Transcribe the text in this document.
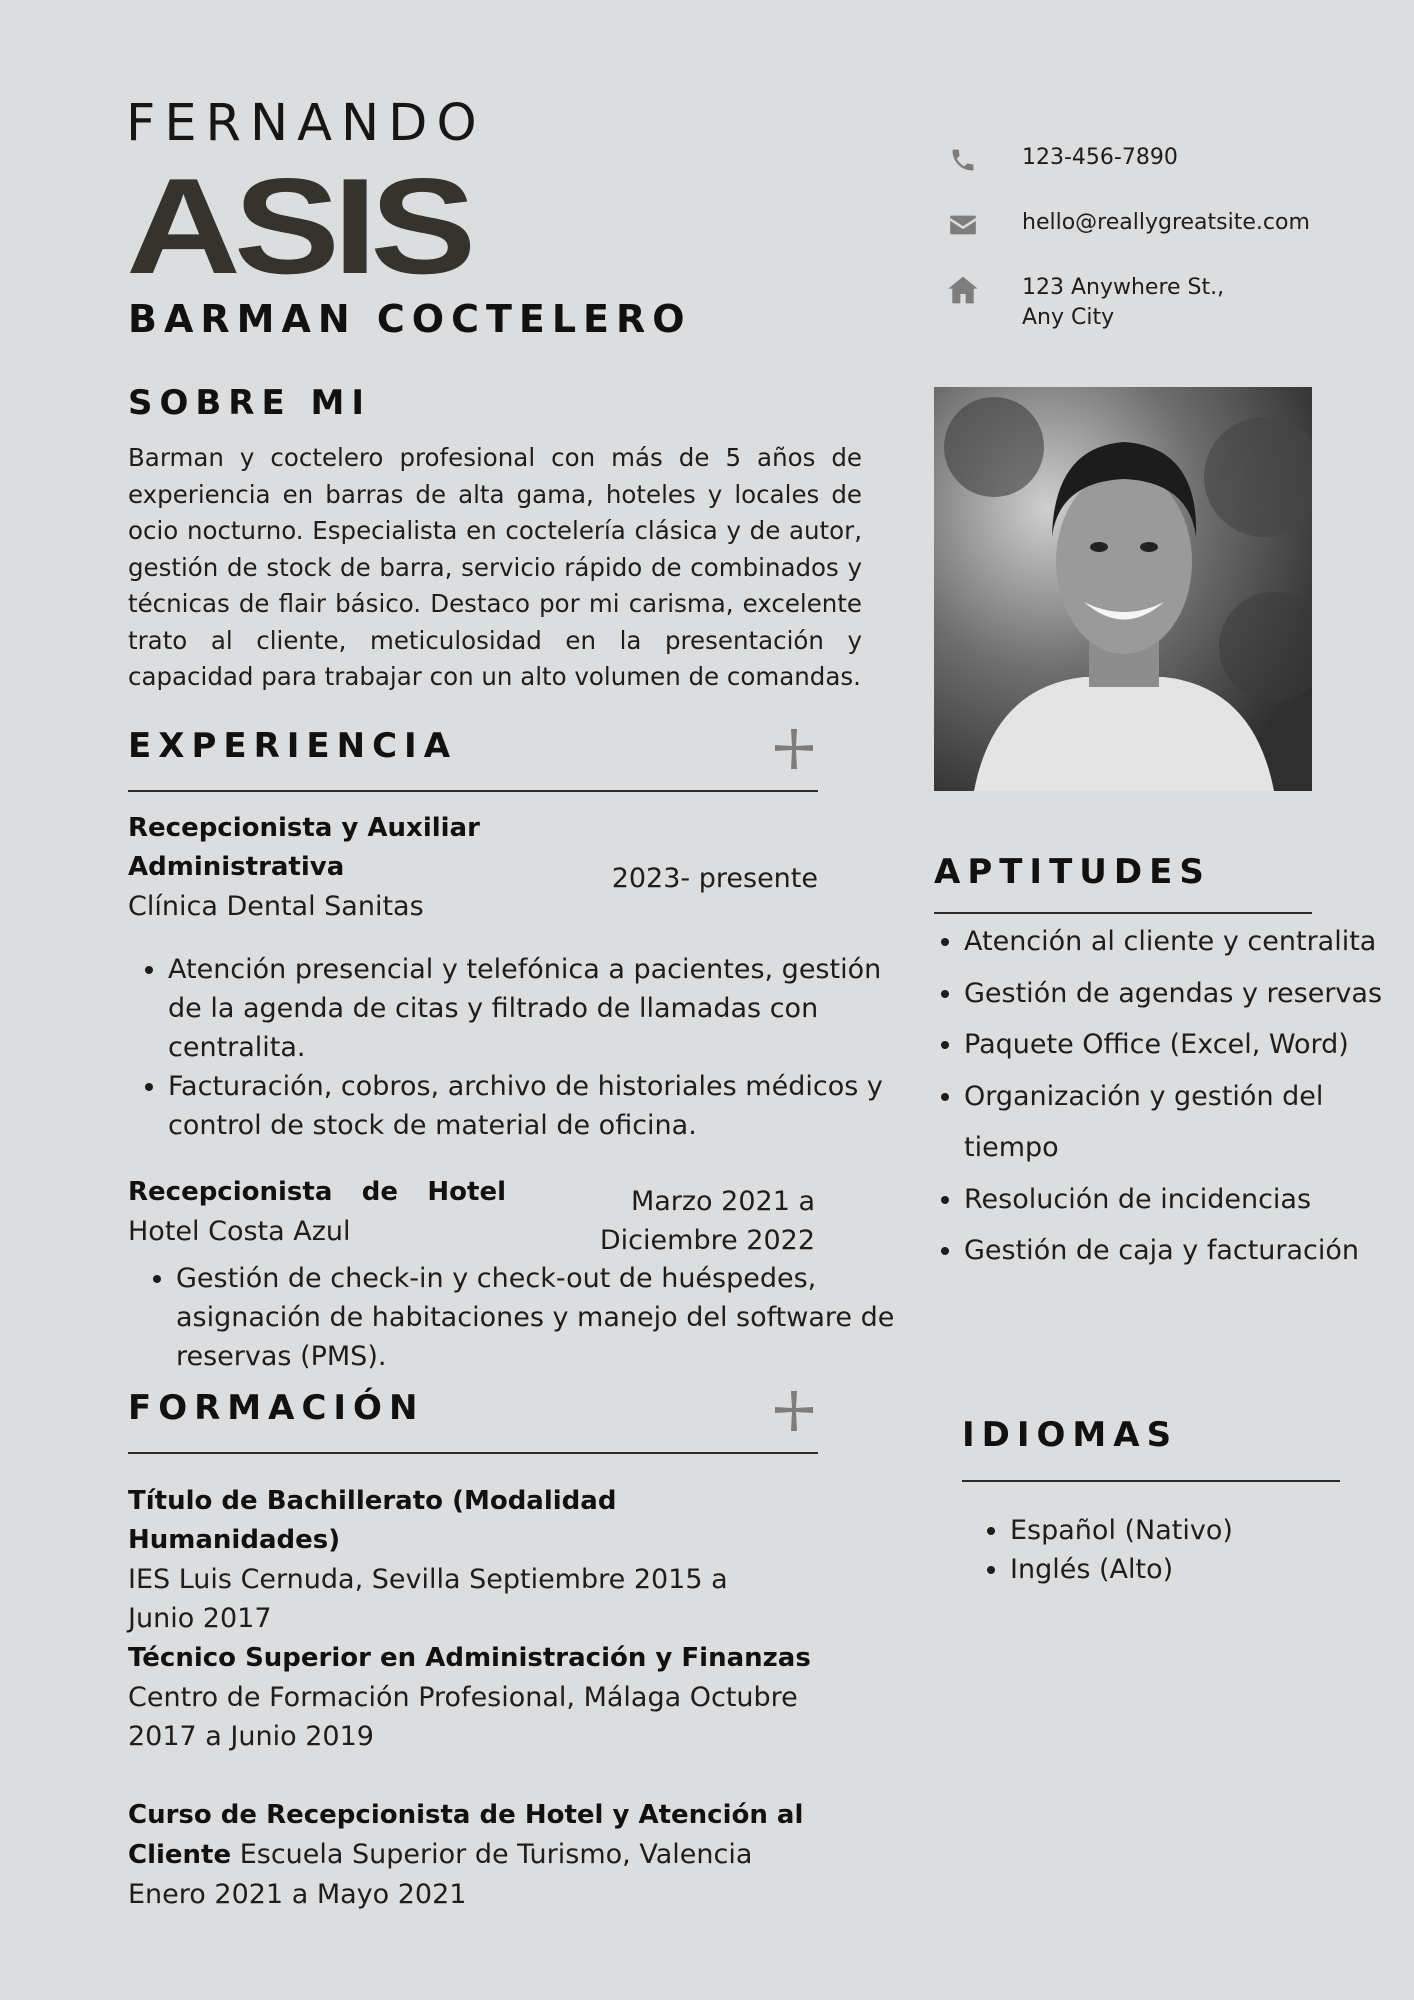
FERNANDO
ASIS
BARMAN COCTELERO
123-456-7890
hello@reallygreatsite.com
123 Anywhere St.,
Any City
SOBRE MI
Barman y coctelero profesional con más de 5 años de experiencia en barras de alta gama, hoteles y locales de ocio nocturno. Especialista en coctelería clásica y de autor, gestión de stock de barra, servicio rápido de combinados y técnicas de flair básico. Destaco por mi carisma, excelente trato al cliente, meticulosidad en la presentación y capacidad para trabajar con un alto volumen de comandas.
EXPERIENCIA
Recepcionista y Auxiliar
Administrativa
Clínica Dental Sanitas
2023- presente
• Atención presencial y telefónica a pacientes, gestión de la agenda de citas y filtrado de llamadas con centralita.
• Facturación, cobros, archivo de historiales médicos y control de stock de material de oficina.
Recepcionista de Hotel
Hotel Costa Azul
Marzo 2021 a
Diciembre 2022
• Gestión de check-in y check-out de huéspedes, asignación de habitaciones y manejo del software de reservas (PMS).
FORMACIÓN
Título de Bachillerato (Modalidad Humanidades)
IES Luis Cernuda, Sevilla Septiembre 2015 a Junio 2017
Técnico Superior en Administración y Finanzas
Centro de Formación Profesional, Málaga Octubre 2017 a Junio 2019
Curso de Recepcionista de Hotel y Atención al Cliente Escuela Superior de Turismo, Valencia Enero 2021 a Mayo 2021
APTITUDES
• Atención al cliente y centralita
• Gestión de agendas y reservas
• Paquete Office (Excel, Word)
• Organización y gestión del tiempo
• Resolución de incidencias
• Gestión de caja y facturación
IDIOMAS
• Español (Nativo)
• Inglés (Alto)
